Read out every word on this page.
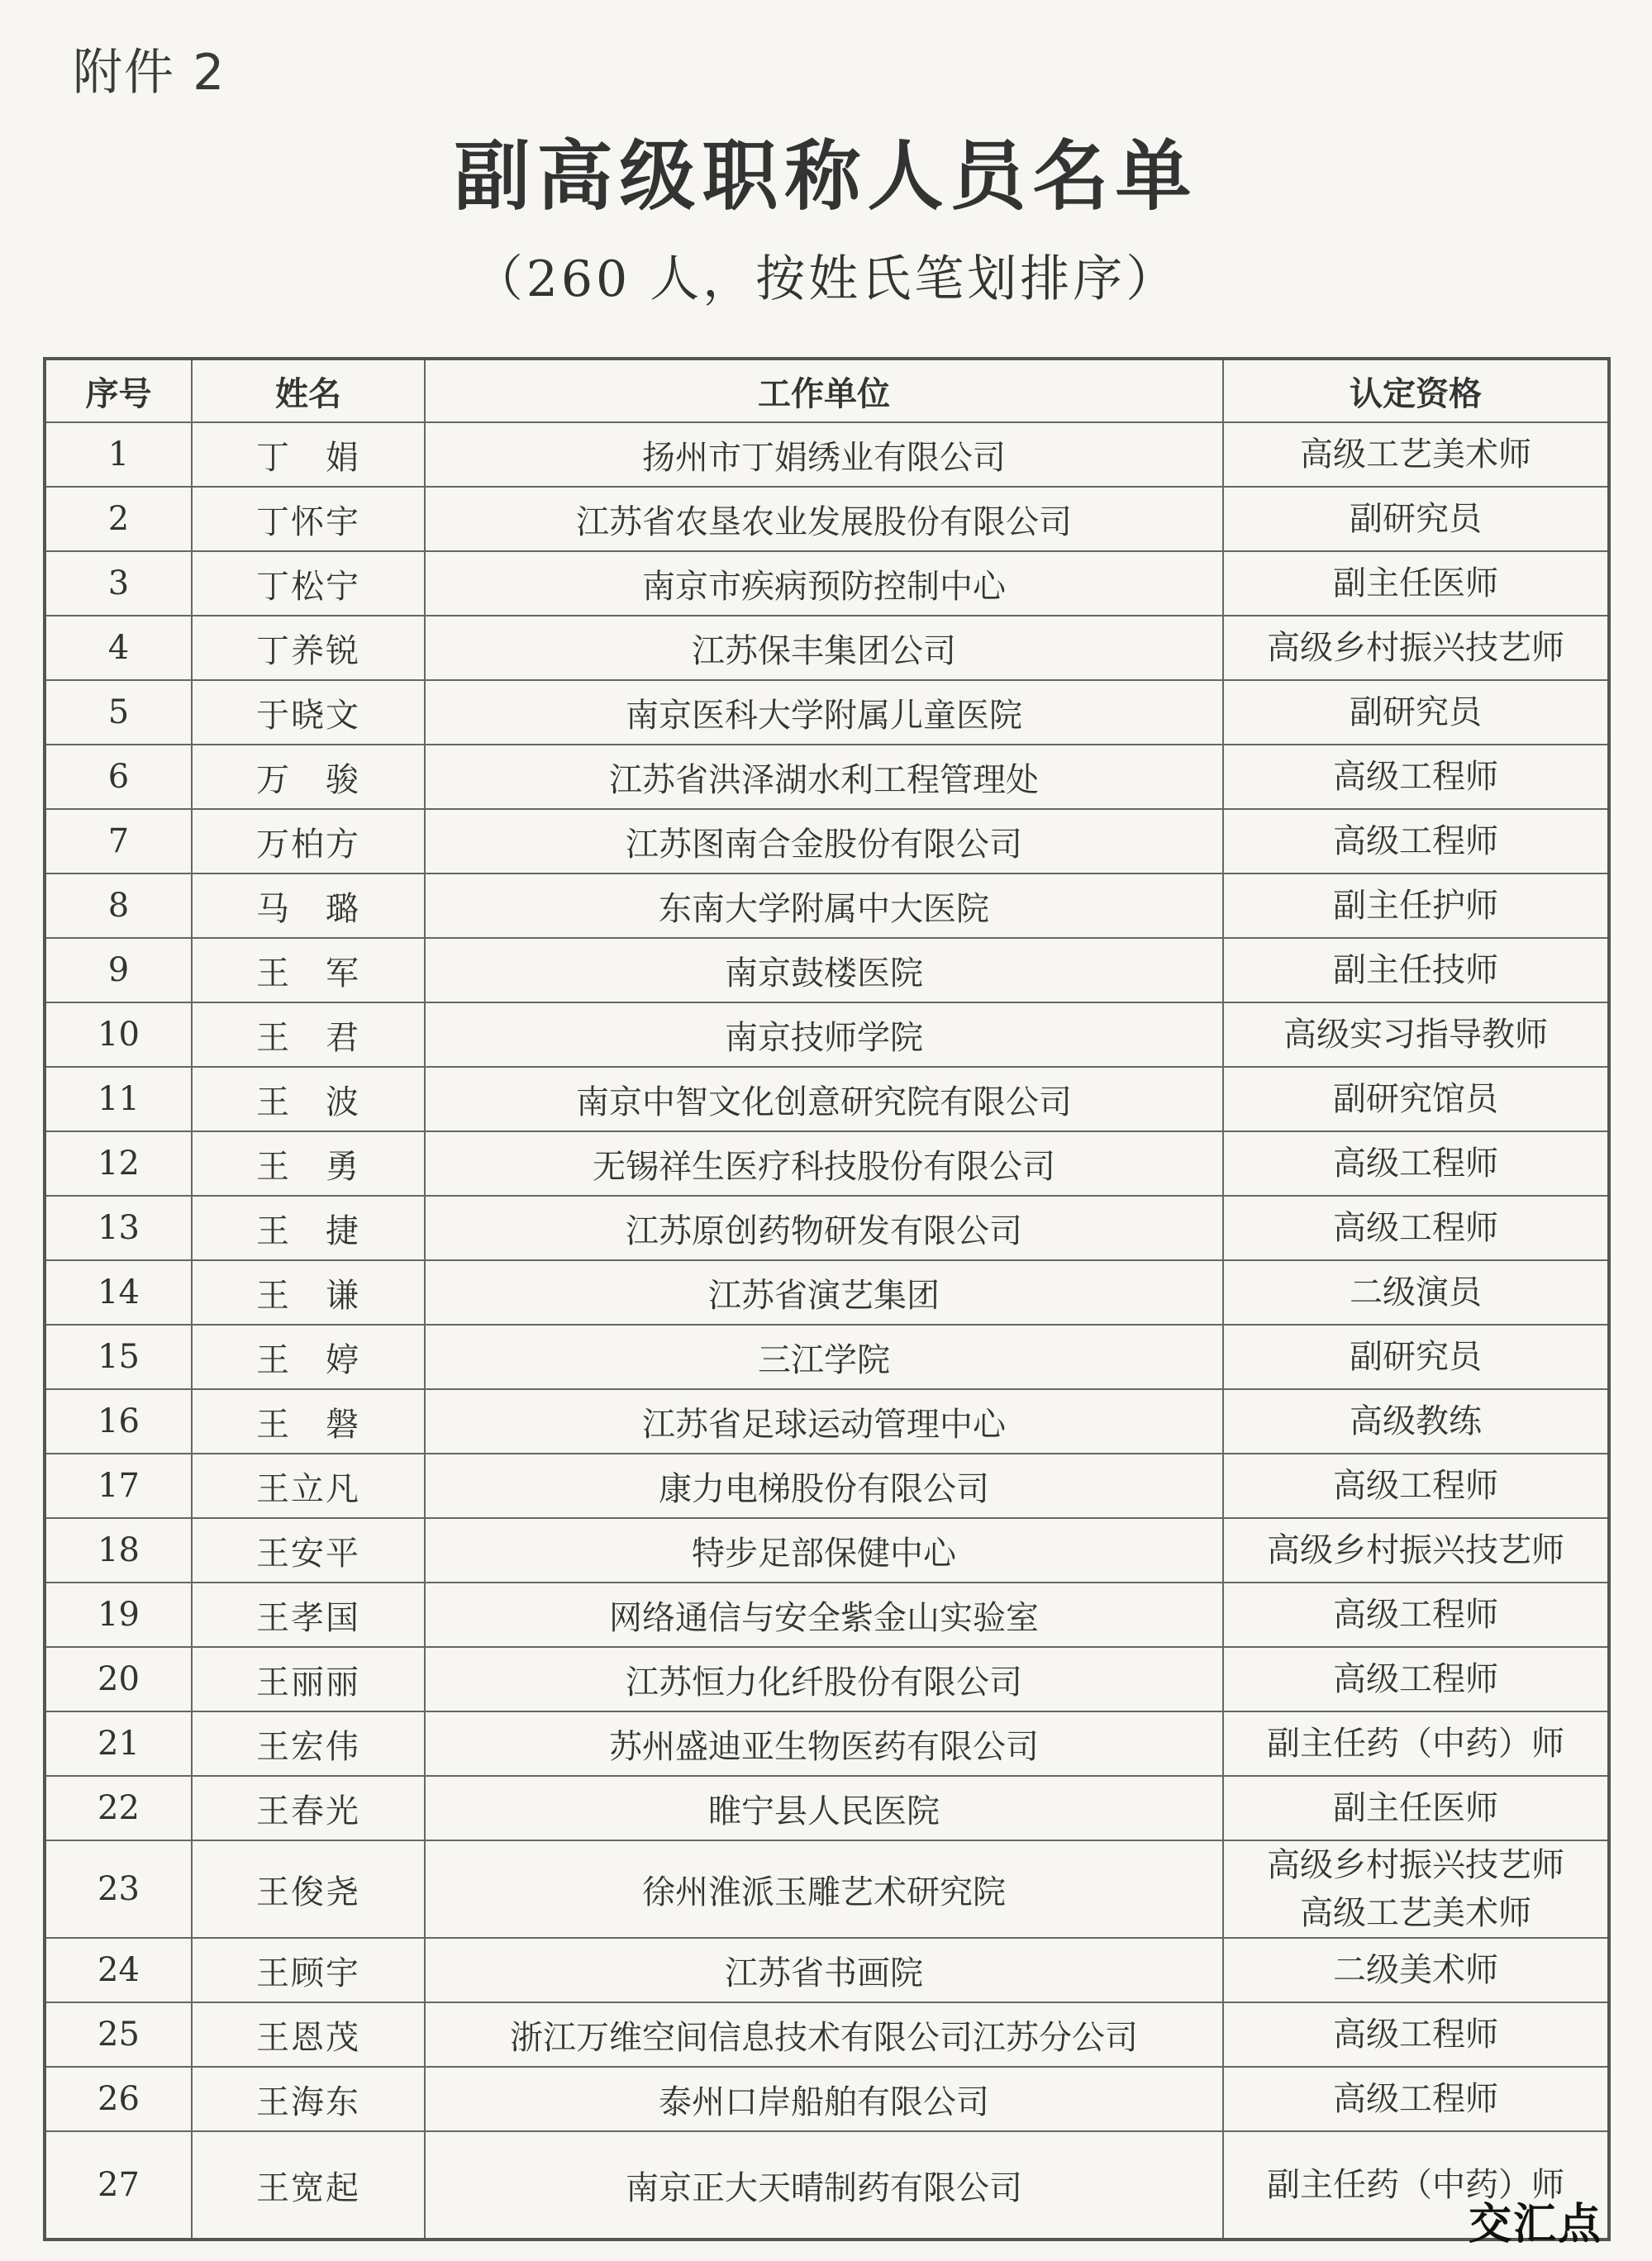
附件 2
副高级职称人员名单
（260 人，按姓氏笔划排序）
序号	姓名	工作单位	认定资格
1	丁　娟	扬州市丁娟绣业有限公司	高级工艺美术师

2	丁怀宇	江苏省农垦农业发展股份有限公司	副研究员

3	丁松宁	南京市疾病预防控制中心	副主任医师

4	丁养锐	江苏保丰集团公司	高级乡村振兴技艺师

5	于晓文	南京医科大学附属儿童医院	副研究员

6	万　骏	江苏省洪泽湖水利工程管理处	高级工程师

7	万柏方	江苏图南合金股份有限公司	高级工程师

8	马　璐	东南大学附属中大医院	副主任护师

9	王　军	南京鼓楼医院	副主任技师

10	王　君	南京技师学院	高级实习指导教师

11	王　波	南京中智文化创意研究院有限公司	副研究馆员

12	王　勇	无锡祥生医疗科技股份有限公司	高级工程师

13	王　捷	江苏原创药物研发有限公司	高级工程师

14	王　谦	江苏省演艺集团	二级演员

15	王　婷	三江学院	副研究员

16	王　磐	江苏省足球运动管理中心	高级教练

17	王立凡	康力电梯股份有限公司	高级工程师

18	王安平	特步足部保健中心	高级乡村振兴技艺师

19	王孝国	网络通信与安全紫金山实验室	高级工程师

20	王丽丽	江苏恒力化纤股份有限公司	高级工程师

21	王宏伟	苏州盛迪亚生物医药有限公司	副主任药（中药）师

22	王春光	睢宁县人民医院	副主任医师

23	王俊尧	徐州淮派玉雕艺术研究院	高级乡村振兴技艺师
高级工艺美术师

24	王顾宇	江苏省书画院	二级美术师

25	王恩茂	浙江万维空间信息技术有限公司江苏分公司	高级工程师

26	王海东	泰州口岸船舶有限公司	高级工程师

27	王宽起	南京正大天晴制药有限公司	副主任药（中药）师
交汇点
